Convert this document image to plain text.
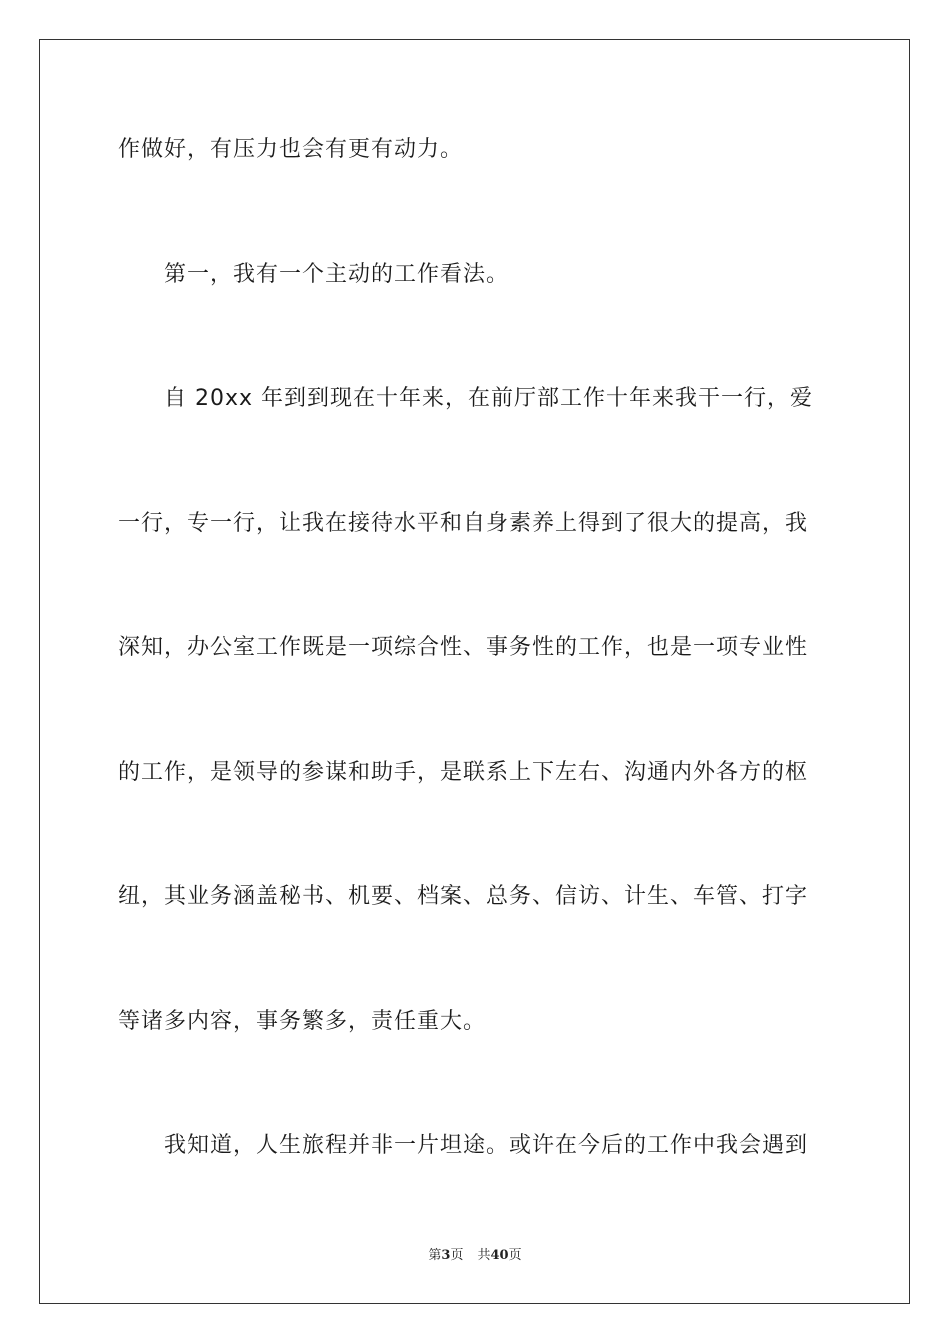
作做好，有压力也会有更有动力。
第一，我有一个主动的工作看法。
自 20xx 年到到现在十年来，在前厅部工作十年来我干一行，爱
一行，专一行，让我在接待水平和自身素养上得到了很大的提高，我
深知，办公室工作既是一项综合性、事务性的工作，也是一项专业性
的工作，是领导的参谋和助手，是联系上下左右、沟通内外各方的枢
纽，其业务涵盖秘书、机要、档案、总务、信访、计生、车管、打字
等诸多内容，事务繁多，责任重大。
我知道，人生旅程并非一片坦途。或许在今后的工作中我会遇到
第3页 共40页
